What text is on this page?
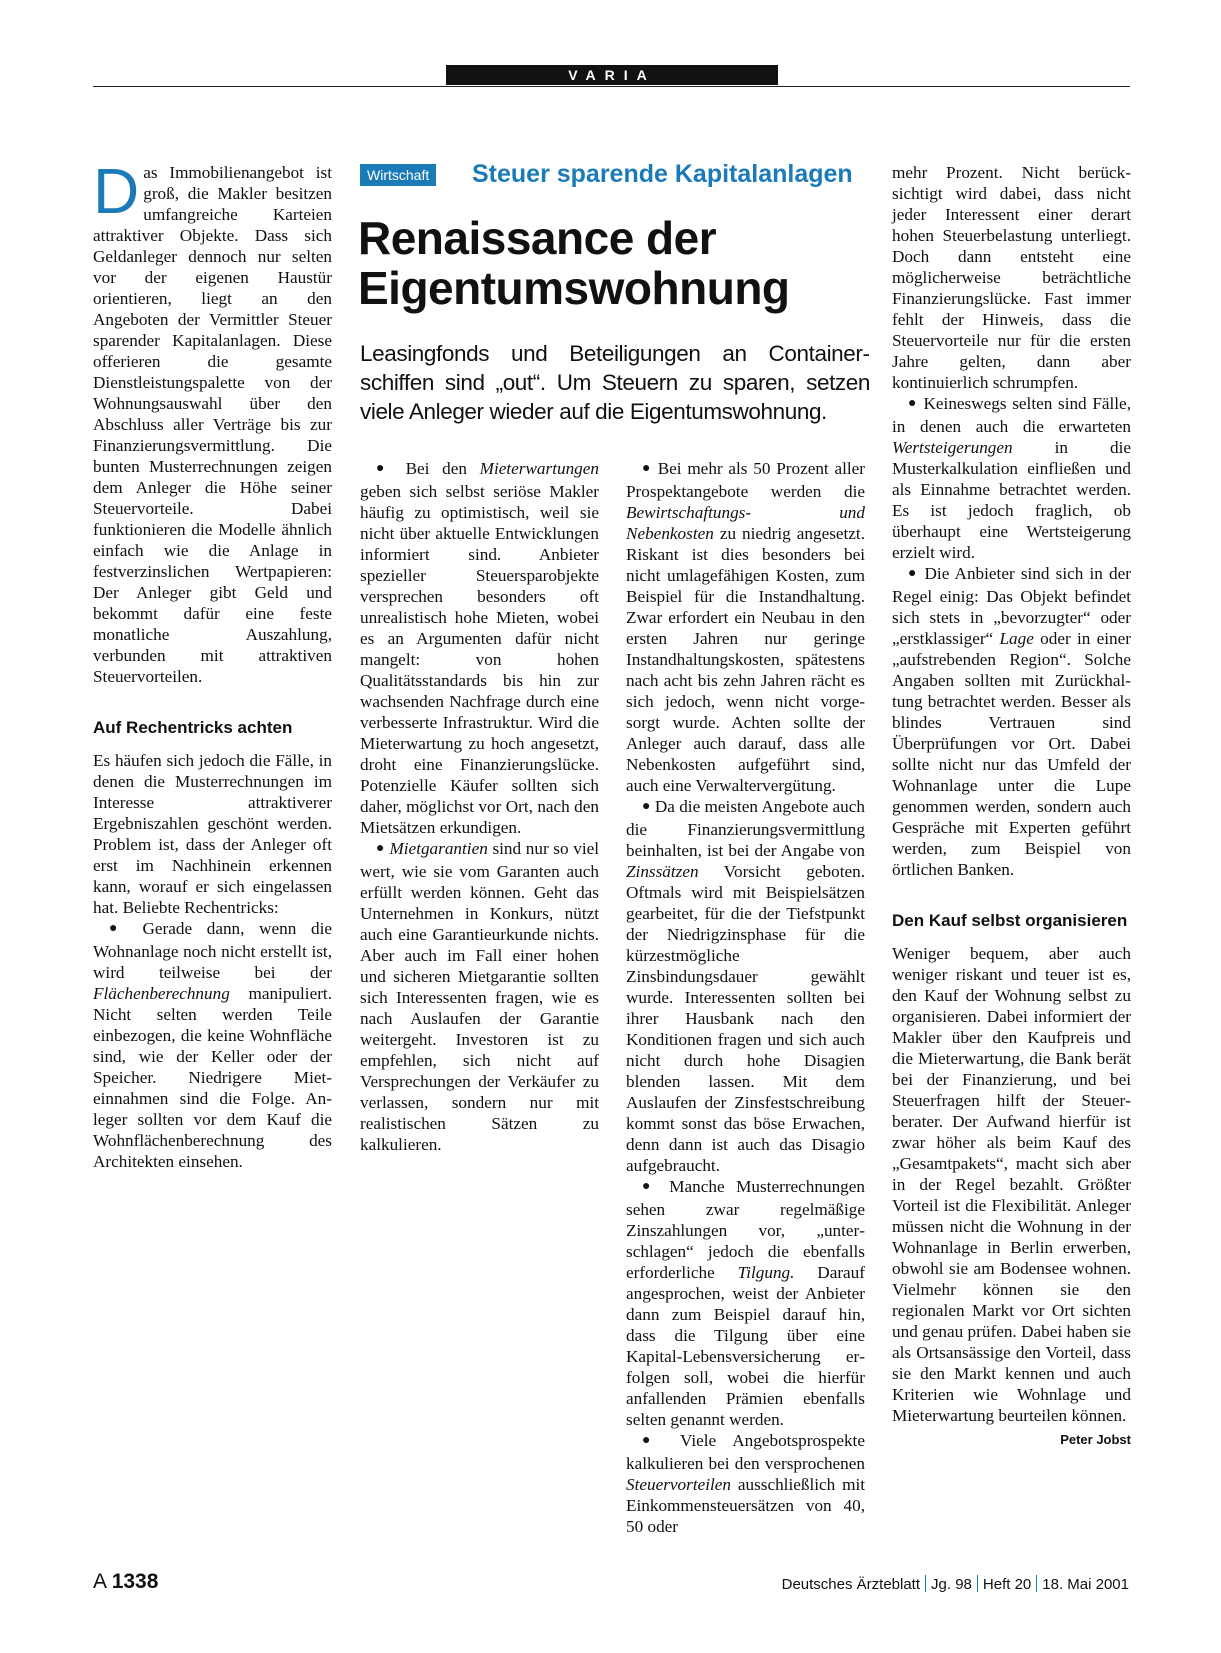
VARIA
Wirtschaft Steuer sparende Kapitalanlagen
Renaissance der
Eigentumswohnung
Leasingfonds und Beteiligungen an Containerschiffen sind „out“. Um Steuern zu sparen, setzen viele Anleger wieder auf die Eigentumswohnung.

Das Immobilienangebot ist groß, die Makler besitzen umfangreiche Karteien attraktiver Objekte. Dass sich Geldanleger dennoch nur selten vor der eigenen Haustür orientieren, liegt an den Angeboten der Vermittler Steuer sparender Kapitalanlagen. Diese offerieren die gesamte Dienstleistungspalette von der Wohnungsauswahl über den Abschluss aller Verträge bis zur Finanzierungsvermittlung. Die bunten Musterrechnungen zeigen dem Anleger die Höhe seiner Steuervorteile. Dabei funktionieren die Modelle ähnlich einfach wie die Anlage in festverzinslichen Wertpapieren: Der Anleger gibt Geld und bekommt dafür eine feste monatliche Auszahlung, verbunden mit attraktiven Steuervorteilen.

Auf Rechentricks achten

Es häufen sich jedoch die Fälle, in denen die Musterrechnungen im Interesse attraktiverer Ergebniszahlen geschönt werden. Problem ist, dass der Anleger oft erst im Nachhinein erkennen kann, worauf er sich eingelassen hat. Beliebte Rechentricks:

● Gerade dann, wenn die Wohnanlage noch nicht erstellt ist, wird teilweise bei der Flächenberechnung manipuliert. Nicht selten werden Teile einbezogen, die keine Wohnfläche sind, wie der Keller oder der Speicher. Niedrigere Mieteinnahmen sind die Folge. Anleger sollten vor dem Kauf die Wohnflächenberechnung des Architekten einsehen.

● Bei den Mieterwartungen geben sich selbst seriöse Makler häufig zu optimistisch, weil sie nicht über aktuelle Entwicklungen informiert sind. Anbieter spezieller Steuersparobjekte versprechen besonders oft unrealistisch hohe Mieten, wobei es an Argumenten dafür nicht mangelt: von hohen Qualitätsstandards bis hin zur wachsenden Nachfrage durch eine verbesserte Infrastruktur. Wird die Mieterwartung zu hoch angesetzt, droht eine Finanzierungslücke. Potenzielle Käufer sollten sich daher, möglichst vor Ort, nach den Mietsätzen erkundigen.

● Mietgarantien sind nur so viel wert, wie sie vom Garanten auch erfüllt werden können. Geht das Unternehmen in Konkurs, nützt auch eine Garantieurkunde nichts. Aber auch im Fall einer hohen und sicheren Mietgarantie sollten sich Interessenten fragen, wie es nach Auslaufen der Garantie weitergeht. Investoren ist zu empfehlen, sich nicht auf Versprechungen der Verkäufer zu verlassen, sondern nur mit realistischen Sätzen zu kalkulieren.

● Bei mehr als 50 Prozent aller Prospektangebote werden die Bewirtschaftungs- und Nebenkosten zu niedrig angesetzt. Riskant ist dies besonders bei nicht umlagefähigen Kosten, zum Beispiel für die Instandhaltung. Zwar erfordert ein Neubau in den ersten Jahren nur geringe Instandhaltungskosten, spätestens nach acht bis zehn Jahren rächt es sich jedoch, wenn nicht vorgesorgt wurde. Achten sollte der Anleger auch darauf, dass alle Nebenkosten aufgeführt sind, auch eine Verwaltervergütung.

● Da die meisten Angebote auch die Finanzierungsvermittlung beinhalten, ist bei der Angabe von Zinssätzen Vorsicht geboten. Oftmals wird mit Beispielsätzen gearbeitet, für die der Tiefstpunkt der Niedrigzinsphase für die kürzestmögliche Zinsbindungsdauer gewählt wurde. Interessenten sollten bei ihrer Hausbank nach den Konditionen fragen und sich auch nicht durch hohe Disagien blenden lassen. Mit dem Auslaufen der Zinsfestschreibung kommt sonst das böse Erwachen, denn dann ist auch das Disagio aufgebraucht.

● Manche Musterrechnungen sehen zwar regelmäßige Zinszahlungen vor, „unterschlagen“ jedoch die ebenfalls erforderliche Tilgung. Darauf angesprochen, weist der Anbieter dann zum Beispiel darauf hin, dass die Tilgung über eine Kapital-Lebensversicherung erfolgen soll, wobei die hierfür anfallenden Prämien ebenfalls selten genannt werden.

● Viele Angebotsprospekte kalkulieren bei den versprochenen Steuervorteilen ausschließlich mit Einkommensteuersätzen von 40, 50 oder

mehr Prozent. Nicht berücksichtigt wird dabei, dass nicht jeder Interessent einer derart hohen Steuerbelastung unterliegt. Doch dann entsteht eine möglicherweise beträchtliche Finanzierungslücke. Fast immer fehlt der Hinweis, dass die Steuervorteile nur für die ersten Jahre gelten, dann aber kontinuierlich schrumpfen.

● Keineswegs selten sind Fälle, in denen auch die erwarteten Wertsteigerungen in die Musterkalkulation einfließen und als Einnahme betrachtet werden. Es ist jedoch fraglich, ob überhaupt eine Wertsteigerung erzielt wird.

● Die Anbieter sind sich in der Regel einig: Das Objekt befindet sich stets in „bevorzugter“ oder „erstklassiger“ Lage oder in einer „aufstrebenden Region“. Solche Angaben sollten mit Zurückhaltung betrachtet werden. Besser als blindes Vertrauen sind Überprüfungen vor Ort. Dabei sollte nicht nur das Umfeld der Wohnanlage unter die Lupe genommen werden, sondern auch Gespräche mit Experten geführt werden, zum Beispiel von örtlichen Banken.

Den Kauf selbst organisieren

Weniger bequem, aber auch weniger riskant und teuer ist es, den Kauf der Wohnung selbst zu organisieren. Dabei informiert der Makler über den Kaufpreis und die Mieterwartung, die Bank berät bei der Finanzierung, und bei Steuerfragen hilft der Steuerberater. Der Aufwand hierfür ist zwar höher als beim Kauf des „Gesamtpakets“, macht sich aber in der Regel bezahlt. Größter Vorteil ist die Flexibilität. Anleger müssen nicht die Wohnung in der Wohnanlage in Berlin erwerben, obwohl sie am Bodensee wohnen. Vielmehr können sie den regionalen Markt vor Ort sichten und genau prüfen. Dabei haben sie als Ortsansässige den Vorteil, dass sie den Markt kennen und auch Kriterien wie Wohnlage und Mieterwartung beurteilen können.
Peter Jobst

A 1338	Deutsches Ärzteblatt Jg. 98 Heft 20 18. Mai 2001
